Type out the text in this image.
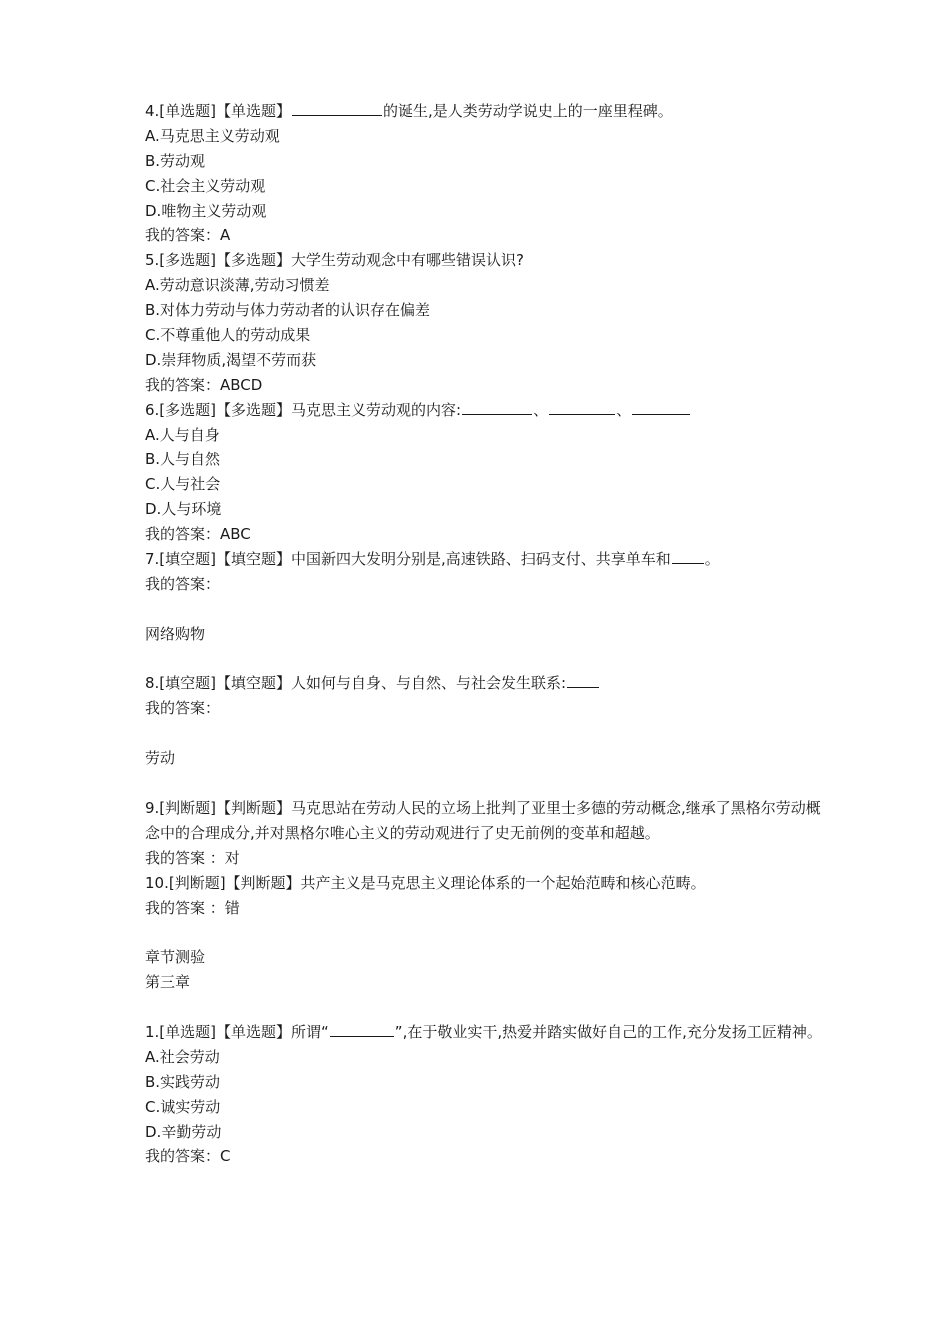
4.[单选题]【单选题】	的诞生,是人类劳动学说史上的一座里程碑。
A.马克思主义劳动观
B.劳动观
C.社会主义劳动观
D.唯物主义劳动观
我的答案：A
5.[多选题]【多选题】大学生劳动观念中有哪些错误认识?
A.劳动意识淡薄,劳动习惯差
B.对体力劳动与体力劳动者的认识存在偏差
C.不尊重他人的劳动成果
D.崇拜物质,渴望不劳而获
我的答案：ABCD
6.[多选题]【多选题】马克思主义劳动观的内容:	、	、
A.人与自身
B.人与自然
C.人与社会
D.人与环境
我的答案：ABC
7.[填空题]【填空题】中国新四大发明分别是,高速铁路、扫码支付、共享单车和 。
我的答案：
网络购物
8.[填空题]【填空题】人如何与自身、与自然、与社会发生联系:
我的答案：
劳动
9.[判断题]【判断题】马克思站在劳动人民的立场上批判了亚里士多德的劳动概念,继承了黑格尔劳动概念中的合理成分,并对黑格尔唯心主义的劳动观进行了史无前例的变革和超越。
我的答案 ：对
10.[判断题]【判断题】共产主义是马克思主义理论体系的一个起始范畴和核心范畴。
我的答案 ：错
章节测验
第三章
1.[单选题]【单选题】所谓“	”,在于敬业实干,热爱并踏实做好自己的工作,充分发扬工匠精神。
A.社会劳动
B.实践劳动
C.诚实劳动
D.辛勤劳动
我的答案：C
